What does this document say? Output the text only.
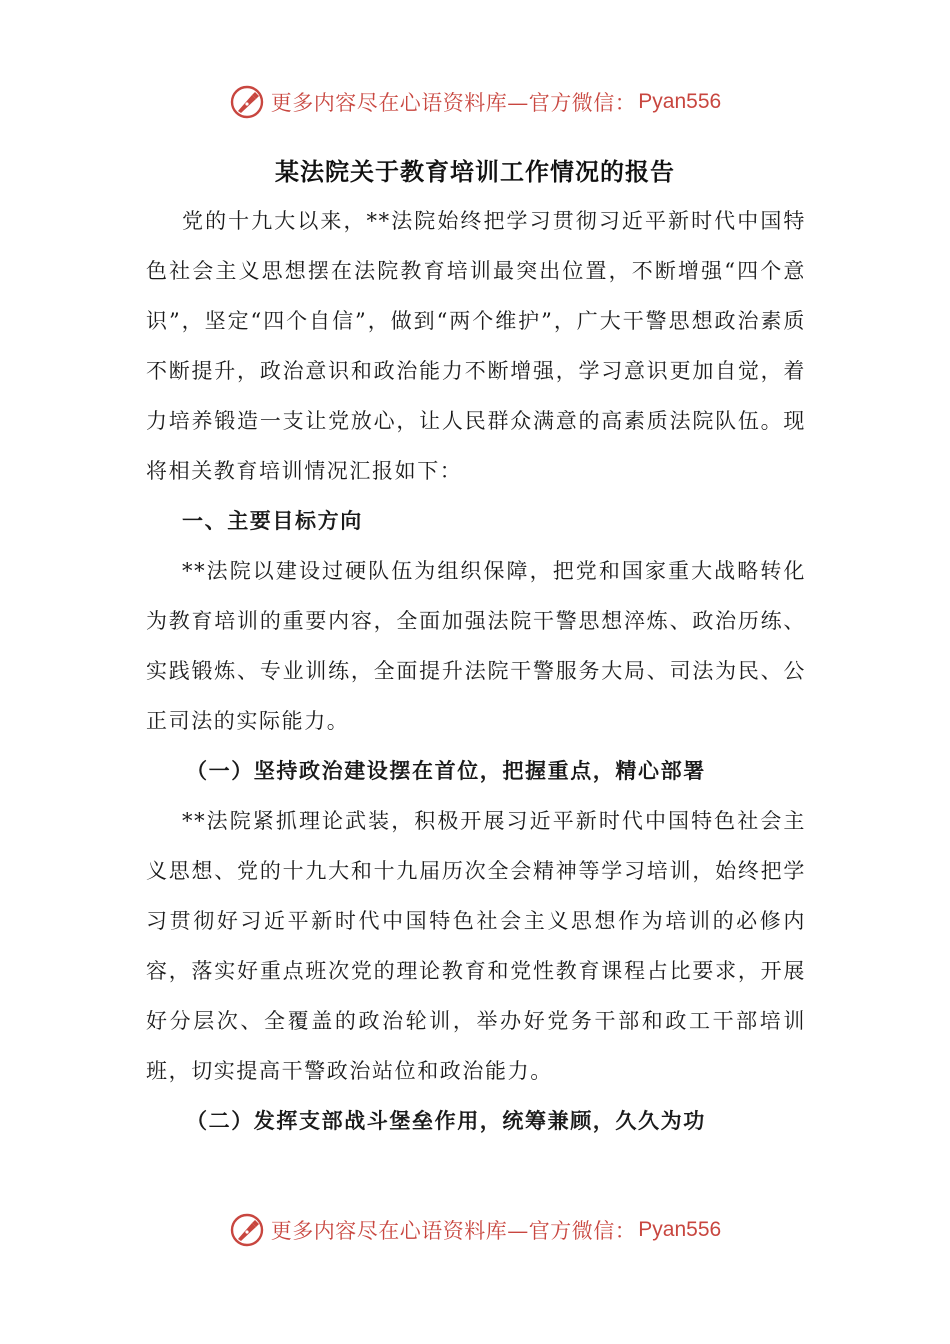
更多内容尽在心语资料库—官方微信： Pyan556
某法院关于教育培训工作情况的报告

党的十九大以来，**法院始终把学习贯彻习近平新时代中国特色社会主义思想摆在法院教育培训最突出位置，不断增强“四个意识”，坚定“四个自信”，做到“两个维护”，广大干警思想政治素质不断提升，政治意识和政治能力不断增强，学习意识更加自觉，着力培养锻造一支让党放心，让人民群众满意的高素质法院队伍。现将相关教育培训情况汇报如下：

一、主要目标方向

**法院以建设过硬队伍为组织保障，把党和国家重大战略转化为教育培训的重要内容，全面加强法院干警思想淬炼、政治历练、实践锻炼、专业训练，全面提升法院干警服务大局、司法为民、公正司法的实际能力。

（一）坚持政治建设摆在首位，把握重点，精心部署

**法院紧抓理论武装，积极开展习近平新时代中国特色社会主义思想、党的十九大和十九届历次全会精神等学习培训，始终把学习贯彻好习近平新时代中国特色社会主义思想作为培训的必修内容，落实好重点班次党的理论教育和党性教育课程占比要求，开展好分层次、全覆盖的政治轮训，举办好党务干部和政工干部培训班，切实提高干警政治站位和政治能力。

（二）发挥支部战斗堡垒作用，统筹兼顾，久久为功
更多内容尽在心语资料库—官方微信： Pyan556
